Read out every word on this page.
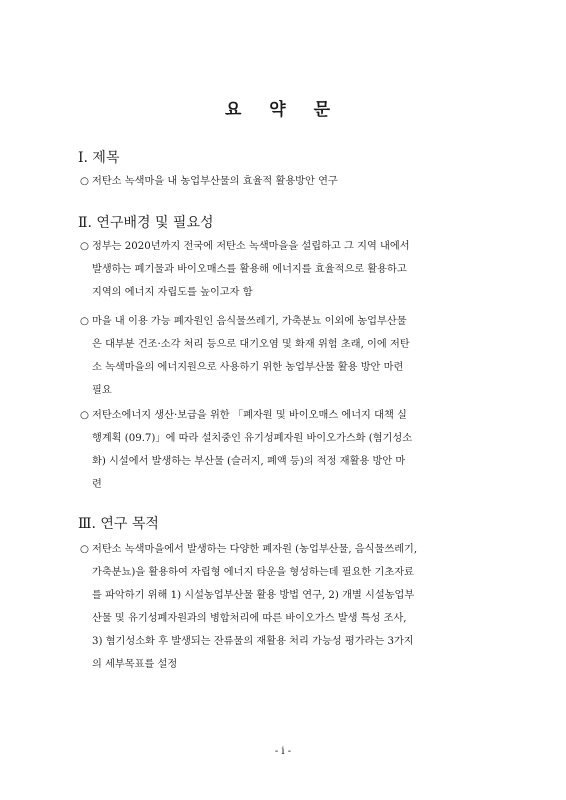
요 약 문
Ⅰ. 제목
○ 저탄소 녹색마을 내 농업부산물의 효율적 활용방안 연구
Ⅱ. 연구배경 및 필요성
○ 정부는 2020년까지 전국에 저탄소 녹색마을을 설립하고 그 지역 내에서
발생하는 폐기물과 바이오매스를 활용해 에너지를 효율적으로 활용하고
지역의 에너지 자립도를 높이고자 함
○ 마을 내 이용 가능 폐자원인 음식물쓰레기, 가축분뇨 이외에 농업부산물
은 대부분 건조·소각 처리 등으로 대기오염 및 화재 위험 초래, 이에 저탄
소 녹색마을의 에너지원으로 사용하기 위한 농업부산물 활용 방안 마련
필요
○ 저탄소에너지 생산·보급을 위한 「폐자원 및 바이오매스 에너지 대책 실
행계획 (09.7)」에 따라 설치중인 유기성폐자원 바이오가스화 (혐기성소
화) 시설에서 발생하는 부산물 (슬러지, 폐액 등)의 적정 재활용 방안 마
련
Ⅲ. 연구 목적
○ 저탄소 녹색마을에서 발생하는 다양한 폐자원 (농업부산물, 음식물쓰레기,
가축분뇨)을 활용하여 자립형 에너지 타운을 형성하는데 필요한 기초자료
를 파악하기 위해 1) 시설농업부산물 활용 방법 연구, 2) 개별 시설농업부
산물 및 유기성폐자원과의 병합처리에 따른 바이오가스 발생 특성 조사,
3) 혐기성소화 후 발생되는 잔류물의 재활용 처리 가능성 평가라는 3가지
의 세부목표를 설정
- i -
